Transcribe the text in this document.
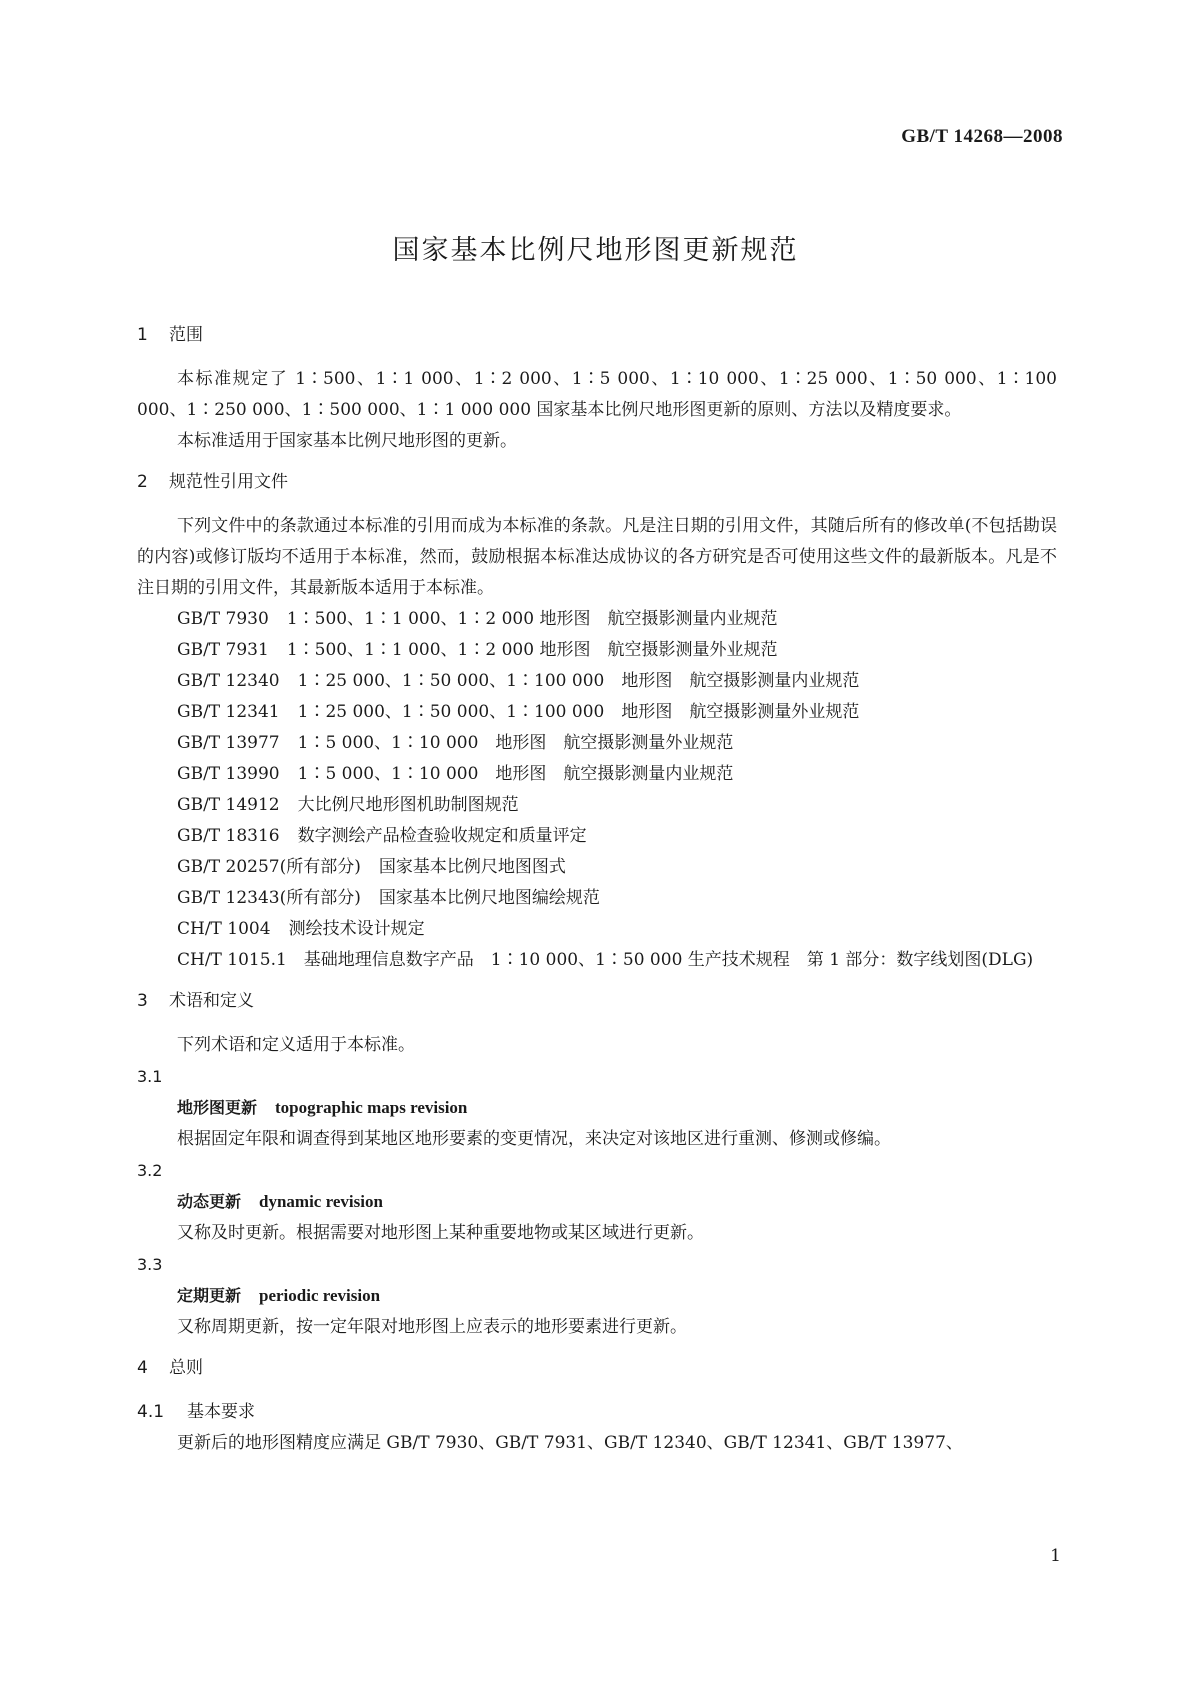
GB/T 14268—2008
国家基本比例尺地形图更新规范

1 范围

本标准规定了 1∶500、1∶1 000、1∶2 000、1∶5 000、1∶10 000、1∶25 000、1∶50 000、1∶100 000、1∶250 000、1∶500 000、1∶1 000 000 国家基本比例尺地形图更新的原则、方法以及精度要求。

本标准适用于国家基本比例尺地形图的更新。

2 规范性引用文件

下列文件中的条款通过本标准的引用而成为本标准的条款。凡是注日期的引用文件，其随后所有的修改单(不包括勘误的内容)或修订版均不适用于本标准，然而，鼓励根据本标准达成协议的各方研究是否可使用这些文件的最新版本。凡是不注日期的引用文件，其最新版本适用于本标准。

GB/T 7930 1∶500、1∶1 000、1∶2 000 地形图　航空摄影测量内业规范

GB/T 7931 1∶500、1∶1 000、1∶2 000 地形图　航空摄影测量外业规范

GB/T 12340 1∶25 000、1∶50 000、1∶100 000　地形图　航空摄影测量内业规范

GB/T 12341 1∶25 000、1∶50 000、1∶100 000　地形图　航空摄影测量外业规范

GB/T 13977 1∶5 000、1∶10 000　地形图　航空摄影测量外业规范

GB/T 13990 1∶5 000、1∶10 000　地形图　航空摄影测量内业规范

GB/T 14912 大比例尺地形图机助制图规范

GB/T 18316 数字测绘产品检查验收规定和质量评定

GB/T 20257(所有部分) 国家基本比例尺地图图式

GB/T 12343(所有部分) 国家基本比例尺地图编绘规范

CH/T 1004 测绘技术设计规定

CH/T 1015.1　基础地理信息数字产品　1∶10 000、1∶50 000 生产技术规程　第 1 部分：数字线划图(DLG)

3 术语和定义

下列术语和定义适用于本标准。

3.1

地形图更新 topographic maps revision

根据固定年限和调查得到某地区地形要素的变更情况，来决定对该地区进行重测、修测或修编。

3.2

动态更新 dynamic revision

又称及时更新。根据需要对地形图上某种重要地物或某区域进行更新。

3.3

定期更新 periodic revision

又称周期更新，按一定年限对地形图上应表示的地形要素进行更新。

4 总则

4.1 基本要求

更新后的地形图精度应满足 GB/T 7930、GB/T 7931、GB/T 12340、GB/T 12341、GB/T 13977、

1
